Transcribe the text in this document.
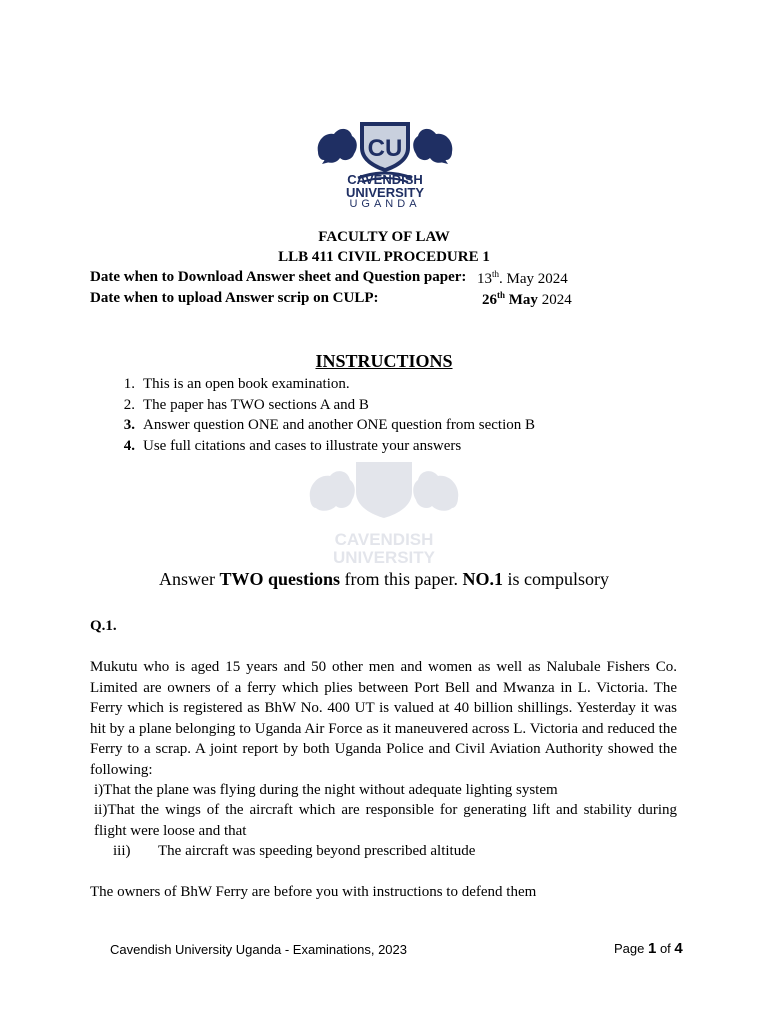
CU
CAVENDISH
UNIVERSITY
UGANDA
FACULTY OF LAW
LLB 411 CIVIL PROCEDURE 1
Date when to Download Answer sheet and Question paper: 13th. May 2024
Date when to upload Answer scrip on CULP:	26th May 2024
INSTRUCTIONS
1. This is an open book examination.
2. The paper has TWO sections A and B
3. Answer question ONE and another ONE question from section B
4. Use full citations and cases to illustrate your answers
CAVENDISH
UNIVERSITY
Answer TWO questions from this paper. NO.1 is compulsory
Q.1.
Mukutu who is aged 15 years and 50 other men and women as well as Nalubale Fishers Co. Limited are owners of a ferry which plies between Port Bell and Mwanza in L. Victoria. The Ferry which is registered as BhW No. 400 UT is valued at 40 billion shillings. Yesterday it was hit by a plane belonging to Uganda Air Force as it maneuvered across L. Victoria and reduced the Ferry to a scrap. A joint report by both Uganda Police and Civil Aviation Authority showed the following:
i)That the plane was flying during the night without adequate lighting system
ii)That the wings of the aircraft which are responsible for generating lift and stability during flight were loose and that
iii) The aircraft was speeding beyond prescribed altitude
The owners of BhW Ferry are before you with instructions to defend them
Cavendish University Uganda - Examinations, 2023	Page 1 of 4
